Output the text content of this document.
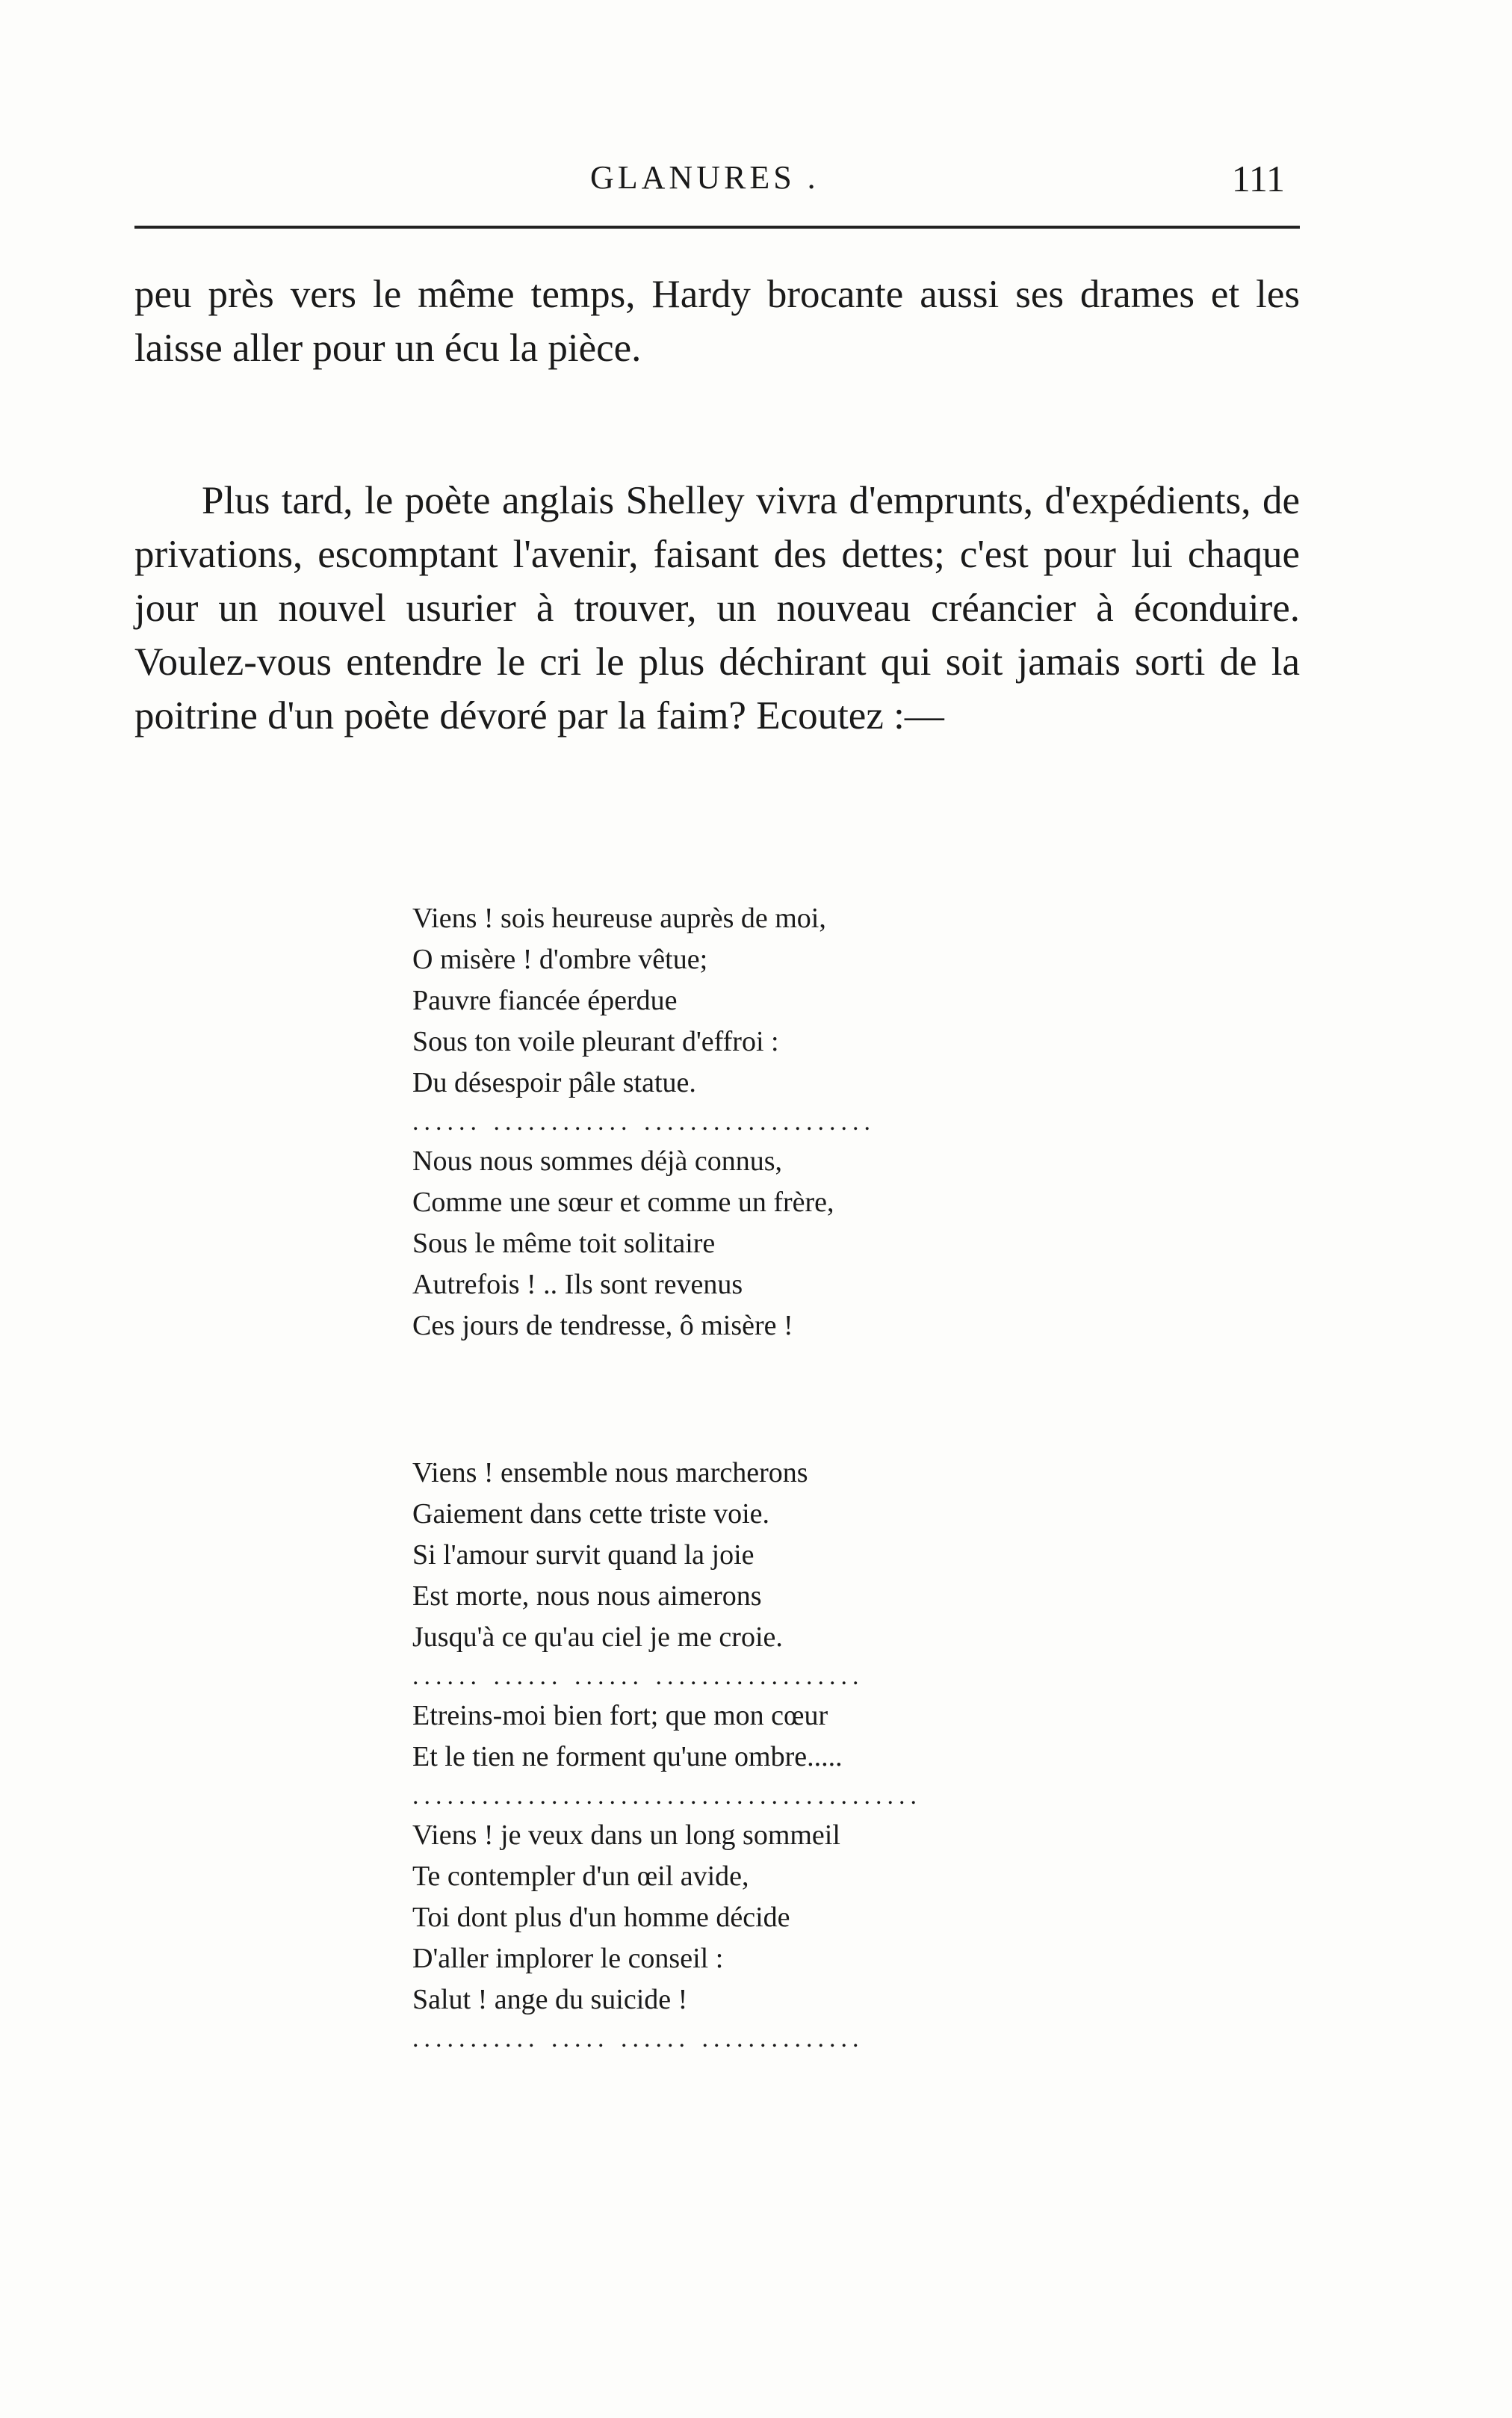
GLANURES .	111

peu près vers le même temps, Hardy brocante aussi ses drames et les laisse aller pour un écu la pièce.

Plus tard, le poète anglais Shelley vivra d'emprunts, d'expédients, de privations, escomptant l'avenir, faisant des dettes; c'est pour lui chaque jour un nouvel usurier à trouver, un nouveau créancier à éconduire. Voulez-vous entendre le cri le plus déchirant qui soit jamais sorti de la poitrine d'un poète dévoré par la faim? Ecoutez :—

Viens ! sois heureuse auprès de moi,
O misère ! d'ombre vêtue;
Pauvre fiancée éperdue
Sous ton voile pleurant d'effroi :
Du désespoir pâle statue.
...... ............ ....................
Nous nous sommes déjà connus,
Comme une sœur et comme un frère,
Sous le même toit solitaire
Autrefois ! .. Ils sont revenus
Ces jours de tendresse, ô misère !
Viens ! ensemble nous marcherons
Gaiement dans cette triste voie.
Si l'amour survit quand la joie
Est morte, nous nous aimerons
Jusqu'à ce qu'au ciel je me croie.
...... ...... ...... ..................
Etreins-moi bien fort; que mon cœur
Et le tien ne forment qu'une ombre.....
............................................
Viens ! je veux dans un long sommeil
Te contempler d'un œil avide,
Toi dont plus d'un homme décide
D'aller implorer le conseil :
Salut ! ange du suicide !
........... ..... ...... ..............
